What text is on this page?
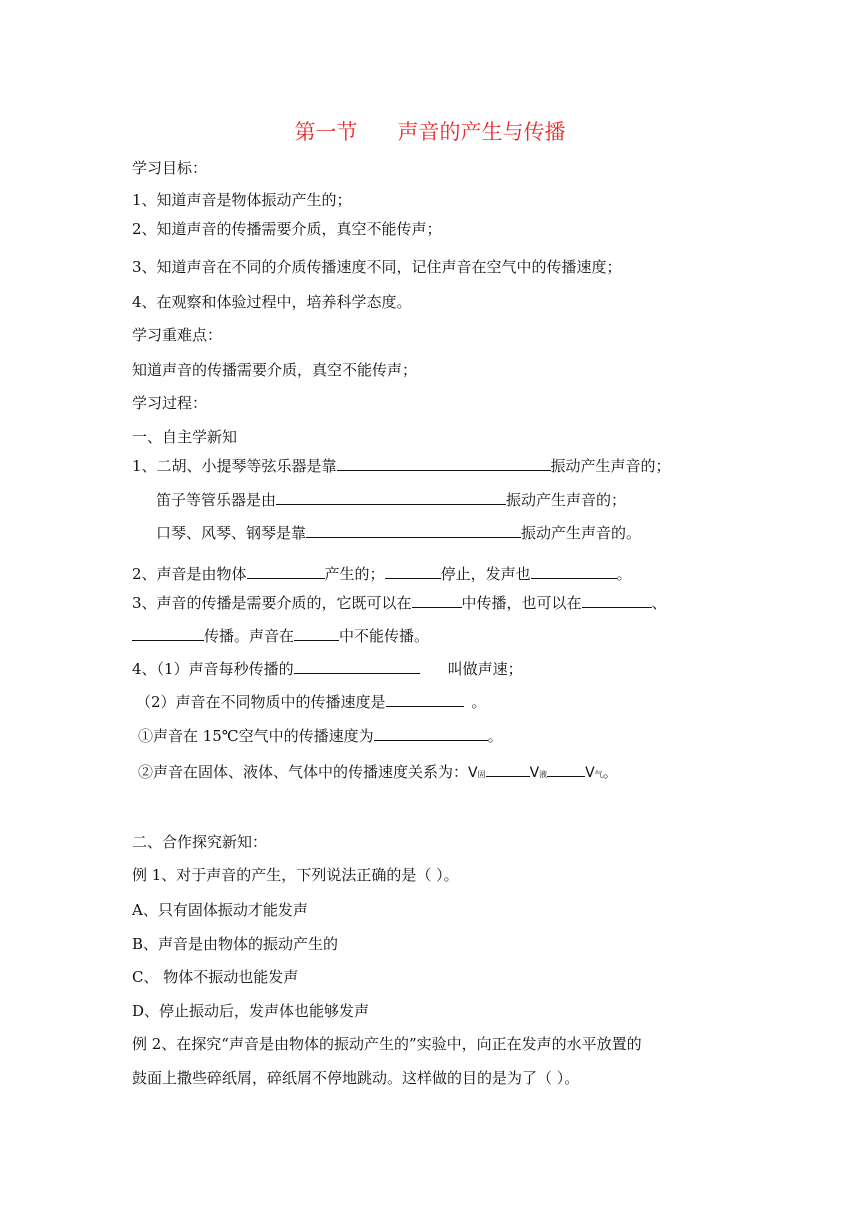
第一节      声音的产生与传播
学习目标：
1、知道声音是物体振动产生的；
2、知道声音的传播需要介质，真空不能传声；
3、知道声音在不同的介质传播速度不同，记住声音在空气中的传播速度；
4、在观察和体验过程中，培养科学态度。
学习重难点：
知道声音的传播需要介质，真空不能传声；
学习过程：
一、自主学新知
1、二胡、小提琴等弦乐器是靠	振动产生声音的；
笛子等管乐器是由	振动产生声音的；
口琴、风琴、钢琴是靠	振动产生声音的。
2、声音是由物体	产生的；	停止，发声也	。
3、声音的传播是需要介质的，它既可以在	中传播，也可以在	、
传播。声音在	中不能传播。
4、（1）声音每秒传播的	叫做声速；
（2）声音在不同物质中的传播速度是	。
①声音在 15℃空气中的传播速度为	。
②声音在固体、液体、气体中的传播速度关系为：V固	V液	V气。
二、合作探究新知：
例 1、对于声音的产生，下列说法正确的是（ ）。
A、只有固体振动才能发声
B、声音是由物体的振动产生的
C、 物体不振动也能发声
D、停止振动后，发声体也能够发声
例 2、在探究“声音是由物体的振动产生的”实验中，向正在发声的水平放置的
鼓面上撒些碎纸屑，碎纸屑不停地跳动。这样做的目的是为了（ ）。
